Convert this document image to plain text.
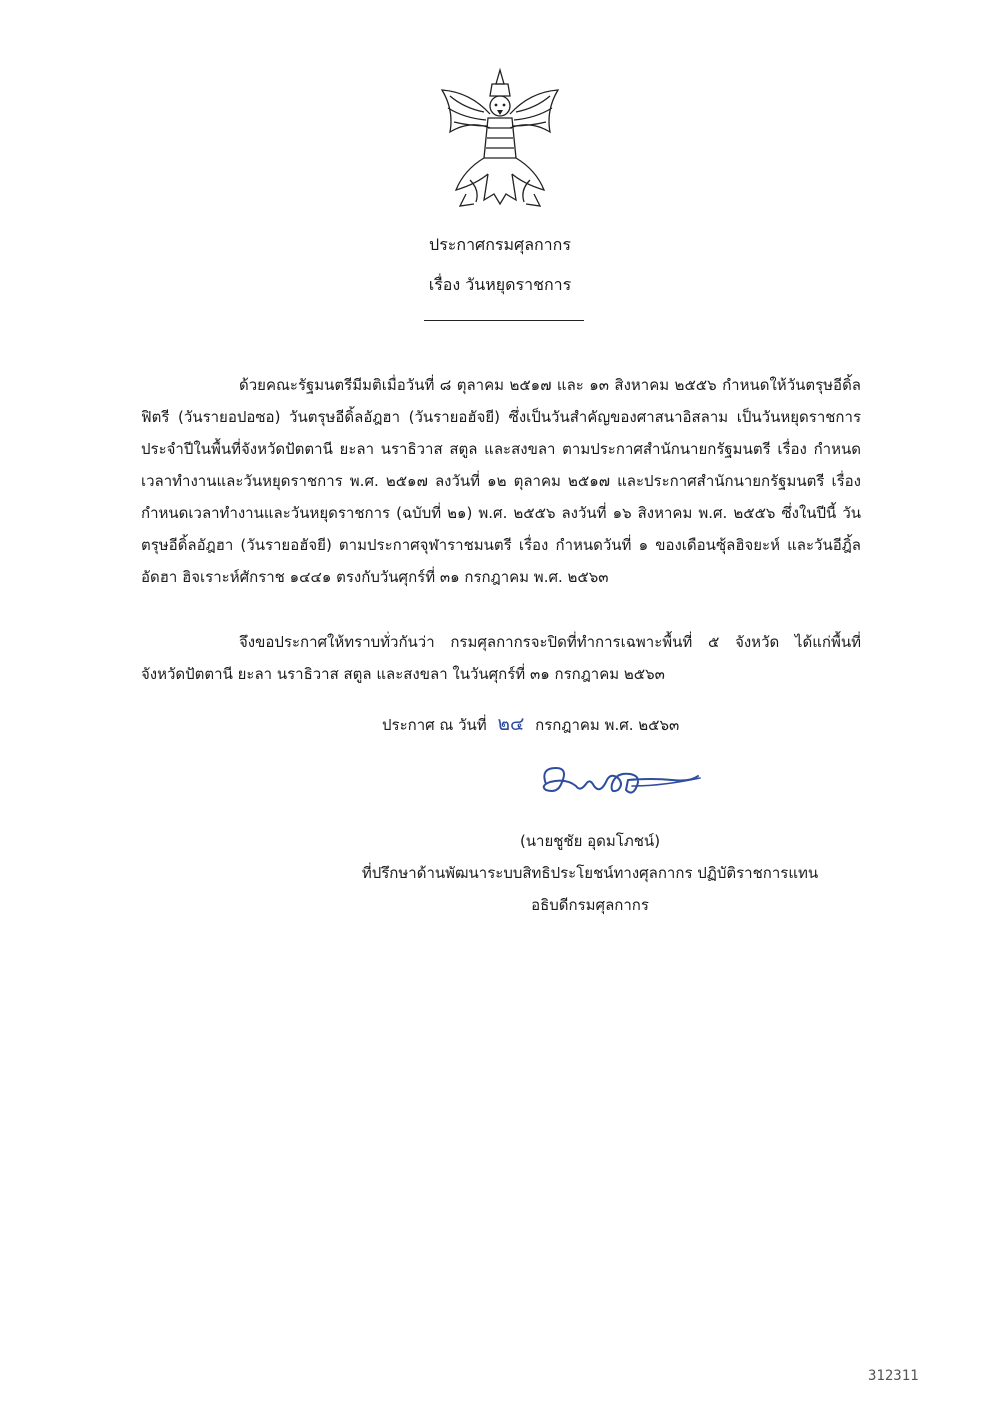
ประกาศกรมศุลกากร
เรื่อง วันหยุดราชการ

ด้วยคณะรัฐมนตรีมีมติเมื่อวันที่ ๘ ตุลาคม ๒๕๑๗ และ ๑๓ สิงหาคม ๒๕๕๖ กำหนดให้วันตรุษอีดิ้ลฟิตรี (วันรายอปอซอ) วันตรุษอีดิ้ลอัฎฮา (วันรายอฮัจยี) ซึ่งเป็นวันสำคัญของศาสนาอิสลาม เป็นวันหยุดราชการประจำปีในพื้นที่จังหวัดปัตตานี ยะลา นราธิวาส สตูล และสงขลา ตามประกาศสำนักนายกรัฐมนตรี เรื่อง กำหนดเวลาทำงานและวันหยุดราชการ พ.ศ. ๒๕๑๗ ลงวันที่ ๑๒ ตุลาคม ๒๕๑๗ และประกาศสำนักนายกรัฐมนตรี เรื่อง กำหนดเวลาทำงานและวันหยุดราชการ (ฉบับที่ ๒๑) พ.ศ. ๒๕๕๖ ลงวันที่ ๑๖ สิงหาคม พ.ศ. ๒๕๕๖ ซึ่งในปีนี้ วันตรุษอีดิ้ลอัฎฮา (วันรายอฮัจยี) ตามประกาศจุฬาราชมนตรี เรื่อง กำหนดวันที่ ๑ ของเดือนซุ้ลฮิจยะห์ และวันอีฎิ้ลอัดฮา ฮิจเราะห์ศักราช ๑๔๔๑ ตรงกับวันศุกร์ที่ ๓๑ กรกฎาคม พ.ศ. ๒๕๖๓

จึงขอประกาศให้ทราบทั่วกันว่า กรมศุลกากรจะปิดที่ทำการเฉพาะพื้นที่ ๕ จังหวัด ได้แก่พื้นที่จังหวัดปัตตานี ยะลา นราธิวาส สตูล และสงขลา ในวันศุกร์ที่ ๓๑ กรกฎาคม ๒๕๖๓

ประกาศ ณ วันที่ ๒๔ กรกฎาคม พ.ศ. ๒๕๖๓
(นายชูชัย อุดมโภชน์)
ที่ปรึกษาด้านพัฒนาระบบสิทธิประโยชน์ทางศุลกากร ปฏิบัติราชการแทน
อธิบดีกรมศุลกากร
312311
